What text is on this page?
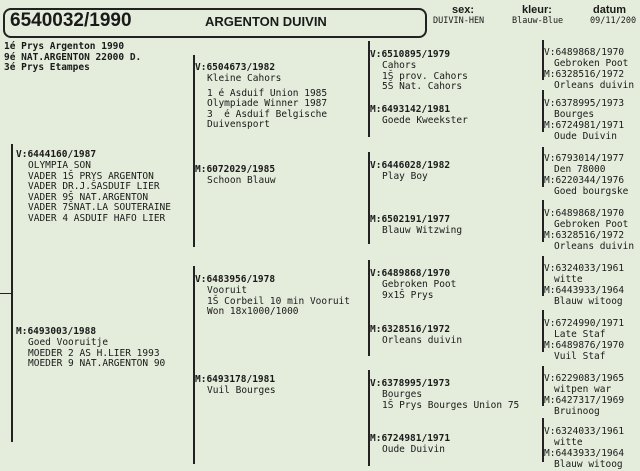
6540032/1990	ARGENTON DUIVIN
sex:
DUIVIN-HEN
kleur:
Blauw-Blue
datum
09/11/200
1é Prys Argenton 1990
9é NAT.ARGENTON 22000 D.
3é Prys Etampes
V:6444160/1987
OLYMPIA SON
VADER 1Š PRYS ARGENTON
VADER DR.J.ŠASDUIF LIER
VADER 9Š NAT.ARGENTON
VADER 7ŠNAT.LA SOUTERAINE
VADER 4 ASDUIF HAFO LIER
M:6493003/1988
Goed Vooruitje
MOEDER 2 AS H.LIER 1993
MOEDER 9 NAT.ARGENTON 90
V:6504673/1982
Kleine Cahors
1 é Asduif Union 1985
Olympiade Winner 1987
3  é Asduif Belgische
Duivensport
M:6072029/1985
Schoon Blauw
V:6483956/1978
Vooruit
1Š Corbeil 10 min Vooruit
Won 18x1000/1000
M:6493178/1981
Vuil Bourges
V:6510895/1979
Cahors
1Š prov. Cahors
5Š Nat. Cahors
M:6493142/1981
Goede Kweekster
V:6446028/1982
Play Boy
M:6502191/1977
Blauw Witzwing
V:6489868/1970
Gebroken Poot
9x1Š Prys
M:6328516/1972
Orleans duivin
V:6378995/1973
Bourges
1Š Prys Bourges Union 75
M:6724981/1971
Oude Duivin
V:6489868/1970
Gebroken Poot
M:6328516/1972
Orleans duivin
V:6378995/1973
Bourges
M:6724981/1971
Oude Duivin
V:6793014/1977
Den 78000
M:6220344/1976
Goed bourgske
V:6489868/1970
Gebroken Poot
M:6328516/1972
Orleans duivin
V:6324033/1961
witte
M:6443933/1964
Blauw witoog
V:6724990/1971
Late Staf
M:6489876/1970
Vuil Staf
V:6229083/1965
witpen war
M:6427317/1969
Bruinoog
V:6324033/1961
witte
M:6443933/1964
Blauw witoog
